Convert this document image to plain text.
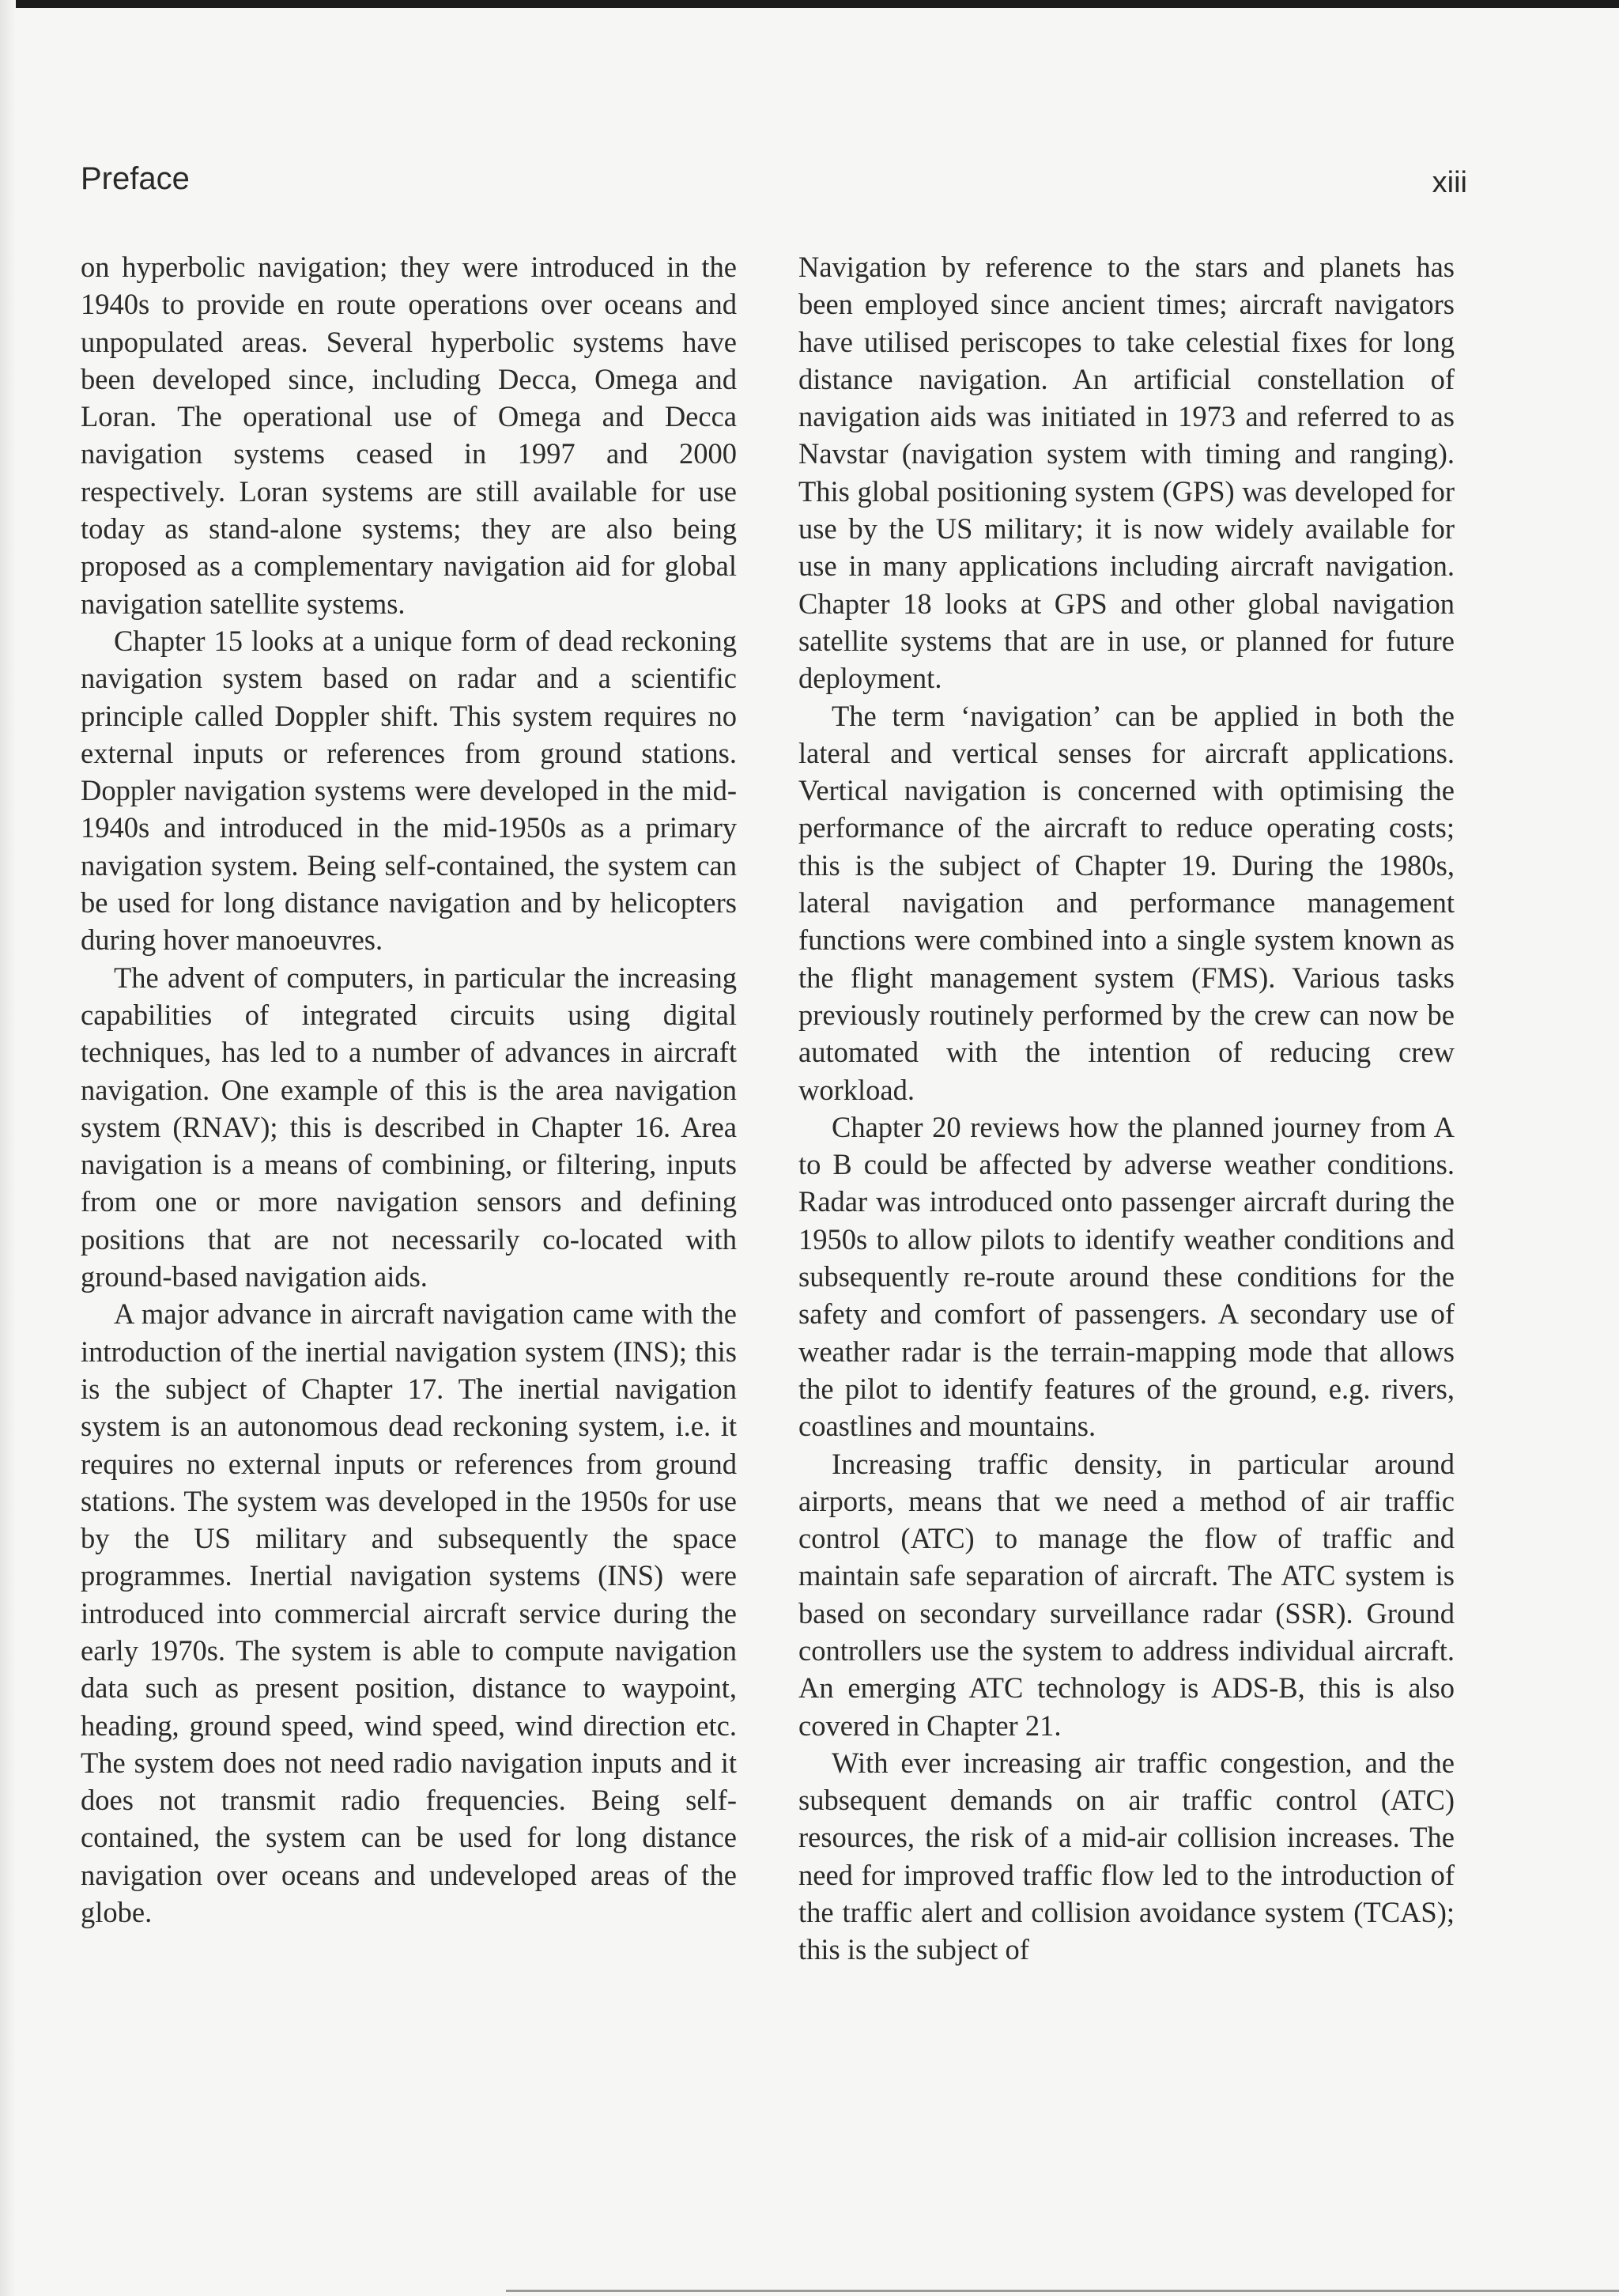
Preface	xiii

on hyperbolic navigation; they were introduced in the 1940s to provide en route operations over oceans and unpopulated areas. Several hyperbolic systems have been developed since, including Decca, Omega and Loran. The operational use of Omega and Decca navigation systems ceased in 1997 and 2000 respectively. Loran systems are still available for use today as stand-alone systems; they are also being proposed as a complementary navigation aid for global navigation satellite systems.

Chapter 15 looks at a unique form of dead reckoning navigation system based on radar and a scientific principle called Doppler shift. This system requires no external inputs or references from ground stations. Doppler navigation systems were developed in the mid-1940s and introduced in the mid-1950s as a primary navigation system. Being self-contained, the system can be used for long distance navigation and by helicopters during hover manoeuvres.

The advent of computers, in particular the increasing capabilities of integrated circuits using digital techniques, has led to a number of advances in aircraft navigation. One example of this is the area navigation system (RNAV); this is described in Chapter 16. Area navigation is a means of combining, or filtering, inputs from one or more navigation sensors and defining positions that are not necessarily co-located with ground-based navigation aids.

A major advance in aircraft navigation came with the introduction of the inertial navigation system (INS); this is the subject of Chapter 17. The inertial navigation system is an autonomous dead reckoning system, i.e. it requires no external inputs or references from ground stations. The system was developed in the 1950s for use by the US military and subsequently the space programmes. Inertial navigation systems (INS) were introduced into commercial aircraft service during the early 1970s. The system is able to compute navigation data such as present position, distance to waypoint, heading, ground speed, wind speed, wind direction etc. The system does not need radio navigation inputs and it does not transmit radio frequencies. Being self-contained, the system can be used for long distance navigation over oceans and undeveloped areas of the globe.

Navigation by reference to the stars and planets has been employed since ancient times; aircraft navigators have utilised periscopes to take celestial fixes for long distance navigation. An artificial constellation of navigation aids was initiated in 1973 and referred to as Navstar (navigation system with timing and ranging). This global positioning system (GPS) was developed for use by the US military; it is now widely available for use in many applications including aircraft navigation. Chapter 18 looks at GPS and other global navigation satellite systems that are in use, or planned for future deployment.

The term ‘navigation’ can be applied in both the lateral and vertical senses for aircraft applications. Vertical navigation is concerned with optimising the performance of the aircraft to reduce operating costs; this is the subject of Chapter 19. During the 1980s, lateral navigation and performance management functions were combined into a single system known as the flight management system (FMS). Various tasks previously routinely performed by the crew can now be automated with the intention of reducing crew workload.

Chapter 20 reviews how the planned journey from A to B could be affected by adverse weather conditions. Radar was introduced onto passenger aircraft during the 1950s to allow pilots to identify weather conditions and subsequently re-route around these conditions for the safety and comfort of passengers. A secondary use of weather radar is the terrain-mapping mode that allows the pilot to identify features of the ground, e.g. rivers, coastlines and mountains.

Increasing traffic density, in particular around airports, means that we need a method of air traffic control (ATC) to manage the flow of traffic and maintain safe separation of aircraft. The ATC system is based on secondary surveillance radar (SSR). Ground controllers use the system to address individual aircraft. An emerging ATC technology is ADS-B, this is also covered in Chapter 21.

With ever increasing air traffic congestion, and the subsequent demands on air traffic control (ATC) resources, the risk of a mid-air collision increases. The need for improved traffic flow led to the introduction of the traffic alert and collision avoidance system (TCAS); this is the subject of
